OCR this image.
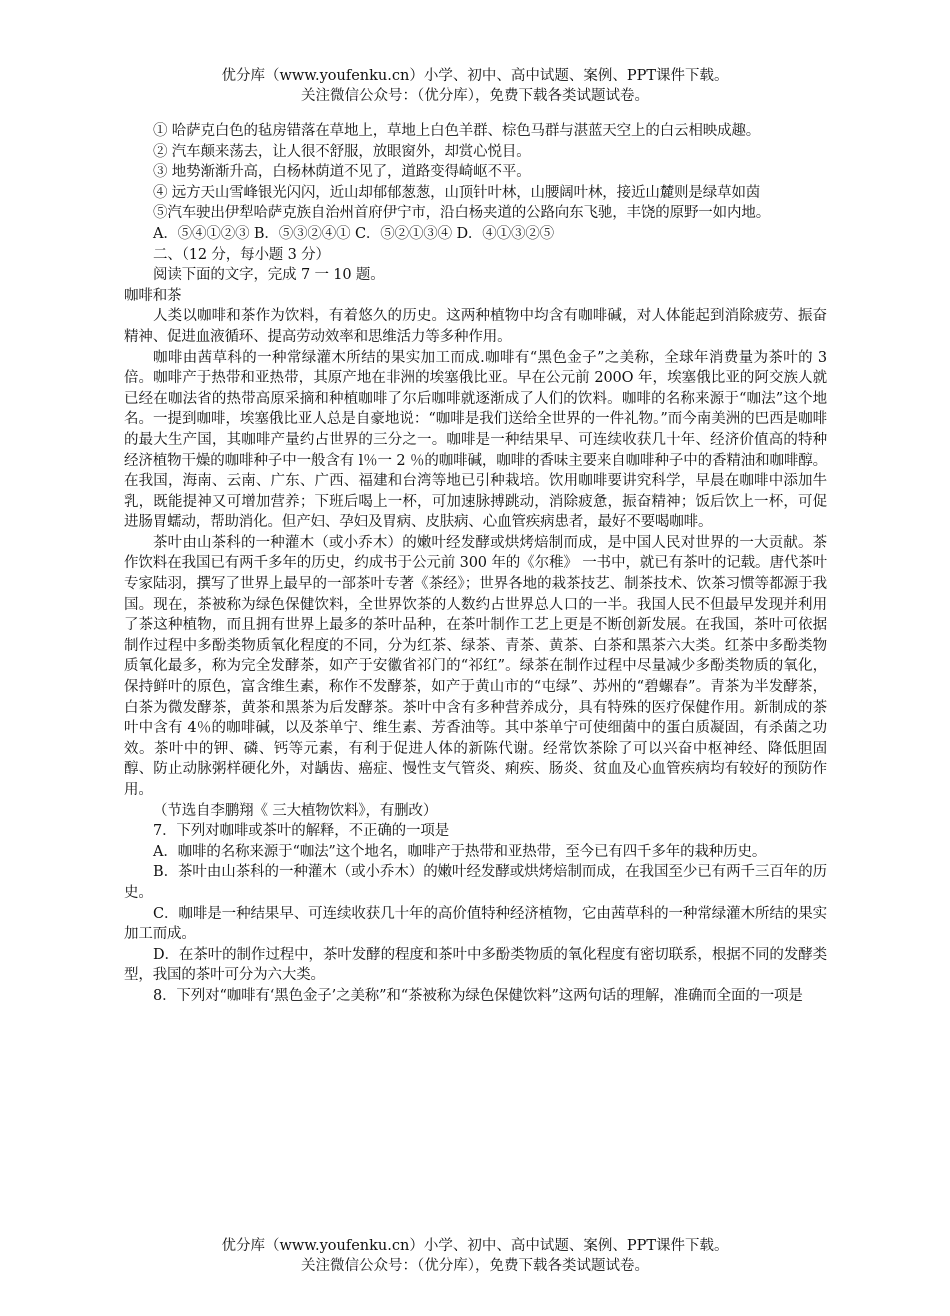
优分库（www.youfenku.cn）小学、初中、高中试题、案例、PPT课件下载。
关注微信公众号：（优分库），免费下载各类试题试卷。

① 哈萨克白色的毡房错落在草地上，草地上白色羊群、棕色马群与湛蓝天空上的白云相映成趣。

② 汽车颠来荡去，让人很不舒服，放眼窗外，却赏心悦目。

③ 地势渐渐升高，白杨林荫道不见了，道路变得崎岖不平。

④ 远方天山雪峰银光闪闪，近山却郁郁葱葱，山顶针叶林，山腰阔叶林，接近山麓则是绿草如茵

⑤汽车驶出伊犁哈萨克族自治州首府伊宁市，沿白杨夹道的公路向东飞驰，丰饶的原野一如内地。

A．⑤④①②③ B．⑤③②④① C．⑤②①③④ D．④①③②⑤

二、（12 分，每小题 3 分）

阅读下面的文字，完成 7 一 10 题。

咖啡和茶

人类以咖啡和茶作为饮料，有着悠久的历史。这两种植物中均含有咖啡碱，对人体能起到消除疲劳、振奋精神、促进血液循环、提高劳动效率和思维活力等多种作用。

咖啡由茜草科的一种常绿灌木所结的果实加工而成.咖啡有“黑色金子”之美称，全球年消费量为茶叶的 3 倍。咖啡产于热带和亚热带，其原产地在非洲的埃塞俄比亚。早在公元前 200O 年，埃塞俄比亚的阿交族人就已经在咖法省的热带高原采摘和种植咖啡了尔后咖啡就逐渐成了人们的饮料。咖啡的名称来源于“咖法”这个地名。一提到咖啡，埃塞俄比亚人总是自豪地说：“咖啡是我们送给全世界的一件礼物。”而今南美洲的巴西是咖啡的最大生产国，其咖啡产量约占世界的三分之一。咖啡是一种结果早、可连续收获几十年、经济价值高的特种经济植物干燥的咖啡种子中一般含有 l％一 2 ％的咖啡碱，咖啡的香味主要来自咖啡种子中的香精油和咖啡醇。在我国，海南、云南、广东、广西、福建和台湾等地已引种栽培。饮用咖啡要讲究科学，早晨在咖啡中添加牛乳，既能提神又可增加营养；下班后喝上一杯，可加速脉搏跳动，消除疲惫，振奋精神；饭后饮上一杯，可促进肠胃蠕动，帮助消化。但产妇、孕妇及胃病、皮肤病、心血管疾病患者，最好不要喝咖啡。

茶叶由山茶科的一种灌木（或小乔木）的嫩叶经发酵或烘烤焙制而成，是中国人民对世界的一大贡献。茶作饮料在我国已有两千多年的历史，约成书于公元前 300 年的《尔稚》 一书中，就已有茶叶的记载。唐代茶叶专家陆羽，撰写了世界上最早的一部茶叶专著《茶经》；世界各地的栽茶技艺、制茶技术、饮茶习惯等都源于我国。现在，茶被称为绿色保健饮料，全世界饮茶的人数约占世界总人口的一半。我国人民不但最早发现并利用了茶这种植物，而且拥有世界上最多的茶叶品种，在茶叶制作工艺上更是不断创新发展。在我国，茶叶可依据制作过程中多酚类物质氧化程度的不同，分为红茶、绿茶、青茶、黄茶、白茶和黑茶六大类。红茶中多酚类物质氧化最多，称为完全发酵茶，如产于安徽省祁门的“祁红”。绿茶在制作过程中尽量减少多酚类物质的氧化，保持鲜叶的原色，富含维生素，称作不发酵茶，如产于黄山市的“屯绿”、苏州的“碧螺春”。青茶为半发酵茶，白茶为微发酵茶，黄茶和黑茶为后发酵茶。茶叶中含有多种营养成分，具有特殊的医疗保健作用。新制成的茶叶中含有 4％的咖啡碱，以及茶单宁、维生素、芳香油等。其中茶单宁可使细菌中的蛋白质凝固，有杀菌之功效。茶叶中的钾、磷、钙等元素，有利于促进人体的新陈代谢。经常饮茶除了可以兴奋中枢神经、降低胆固醇、防止动脉粥样硬化外，对龋齿、癌症、慢性支气管炎、痢疾、肠炎、贫血及心血管疾病均有较好的预防作用。

（节选自李鹏翔《 三大植物饮料》，有删改）

7．下列对咖啡或茶叶的解释，不正确的一项是

A．咖啡的名称来源于“咖法”这个地名，咖啡产于热带和亚热带，至今已有四千多年的栽种历史。

B．茶叶由山茶科的一种灌木（或小乔木）的嫩叶经发酵或烘烤焙制而成，在我国至少已有两千三百年的历史。

C．咖啡是一种结果早、可连续收获几十年的高价值特种经济植物，它由茜草科的一种常绿灌木所结的果实加工而成。

D．在茶叶的制作过程中，茶叶发酵的程度和茶叶中多酚类物质的氧化程度有密切联系，根据不同的发酵类型，我国的茶叶可分为六大类。

8．下列对“咖啡有‘黑色金子’之美称”和“茶被称为绿色保健饮料”这两句话的理解，准确而全面的一项是

优分库（www.youfenku.cn）小学、初中、高中试题、案例、PPT课件下载。
关注微信公众号：（优分库），免费下载各类试题试卷。
